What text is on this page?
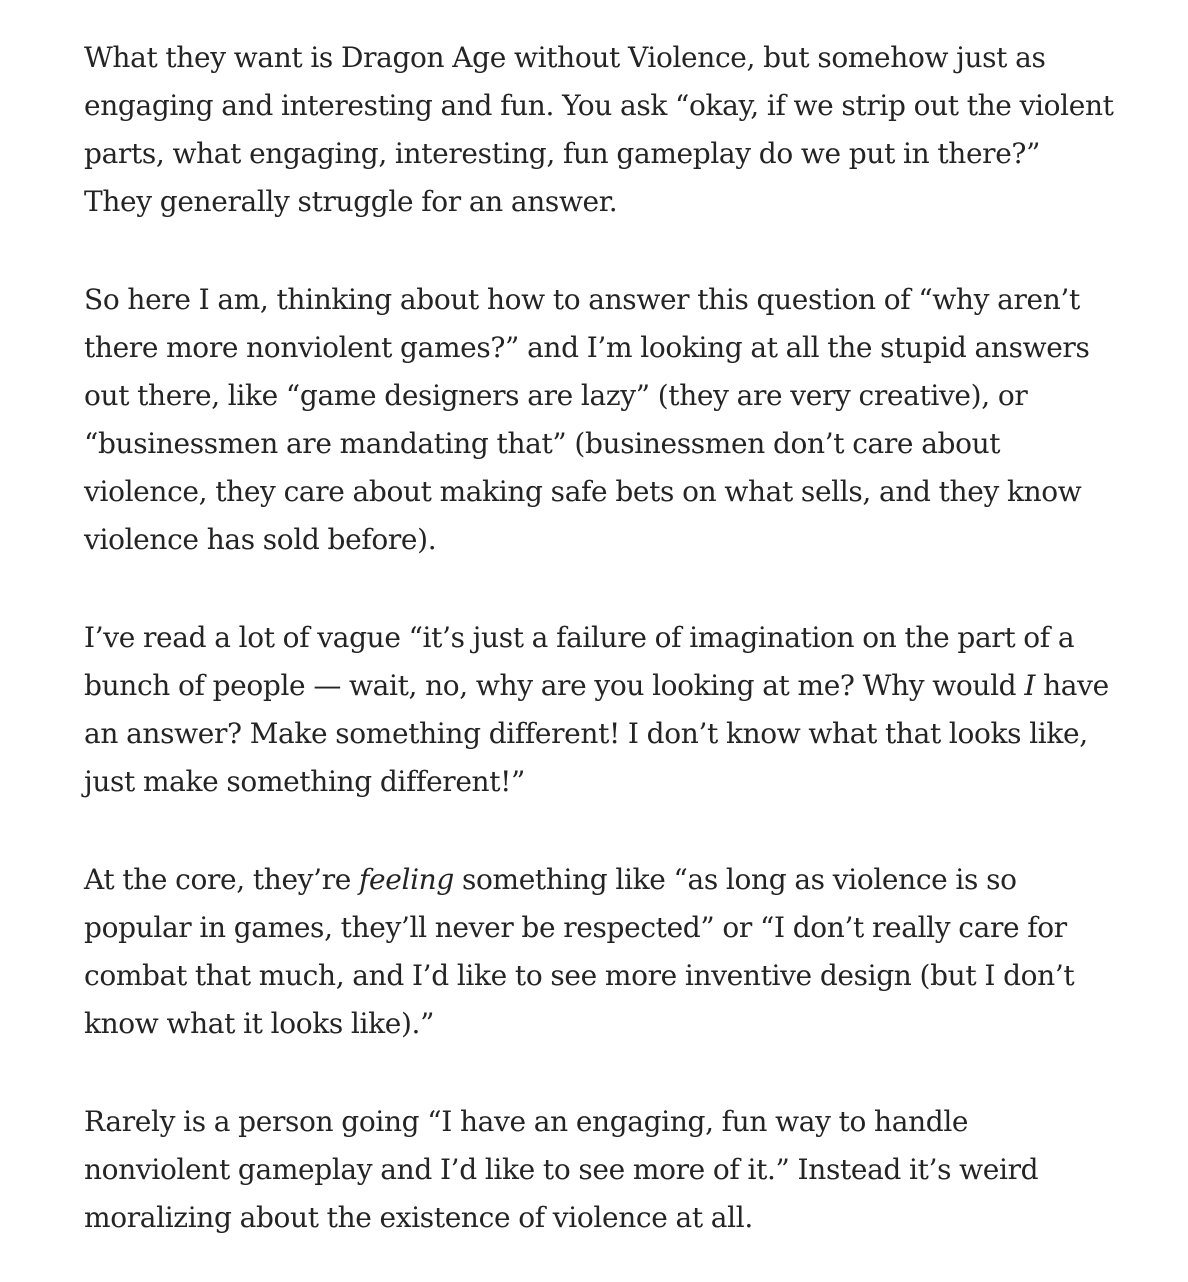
What they want is Dragon Age without Violence, but somehow just as engaging and interesting and fun. You ask “okay, if we strip out the violent parts, what engaging, interesting, fun gameplay do we put in there?” They generally struggle for an answer.

So here I am, thinking about how to answer this question of “why aren’t there more nonviolent games?” and I’m looking at all the stupid answers out there, like “game designers are lazy” (they are very creative), or “businessmen are mandating that” (businessmen don’t care about violence, they care about making safe bets on what sells, and they know violence has sold before).

I’ve read a lot of vague “it’s just a failure of imagination on the part of a bunch of people — wait, no, why are you looking at me? Why would I have an answer? Make something different! I don’t know what that looks like, just make something different!”

At the core, they’re feeling something like “as long as violence is so popular in games, they’ll never be respected” or “I don’t really care for combat that much, and I’d like to see more inventive design (but I don’t know what it looks like).”

Rarely is a person going “I have an engaging, fun way to handle nonviolent gameplay and I’d like to see more of it.” Instead it’s weird moralizing about the existence of violence at all.
